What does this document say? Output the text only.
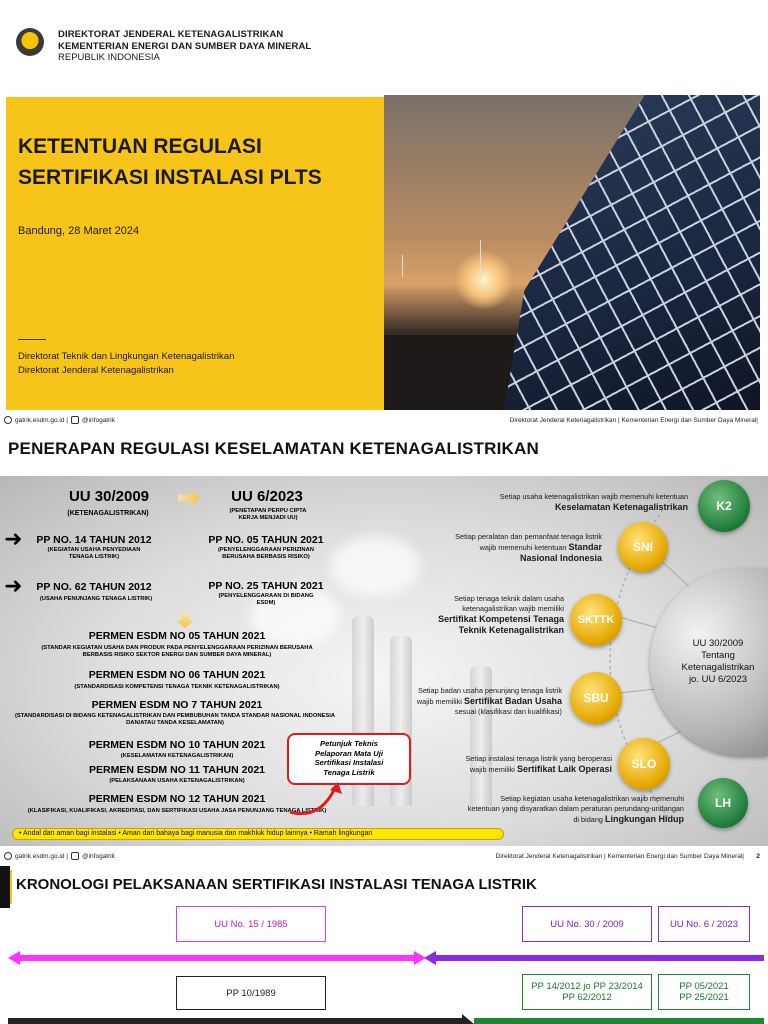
DIREKTORAT JENDERAL KETENAGALISTRIKAN
KEMENTERIAN ENERGI DAN SUMBER DAYA MINERAL
REPUBLIK INDONESIA
KETENTUAN REGULASI
SERTIFIKASI INSTALASI PLTS
Bandung, 28 Maret 2024
Direktorat Teknik dan Lingkungan Ketenagalistrikan
Direktorat Jenderal Ketenagalistrikan
gatrik.esdm.go.id | @infogatrik	Direktorat Jenderal Ketenagalistrikan | Kementerian Energi dan Sumber Daya Mineral|
PENERAPAN REGULASI KESELAMATAN KETENAGALISTRIKAN
UU 30/2009
(KETENAGALISTRIKAN)
UU 6/2023
(PENETAPAN PERPU CIPTA
KERJA MENJADI UU)
➜	PP NO. 14 TAHUN 2012
(KEGIATAN USAHA PENYEDIAAN
TENAGA LISTRIK)
PP NO. 05 TAHUN 2021
(PENYELENGGARAAN PERIZINAN
BERUSAHA BERBASIS RISIKO)
➜	PP NO. 62 TAHUN 2012
(USAHA PENUNJANG TENAGA LISTRIK)
PP NO. 25 TAHUN 2021
(PENYELENGGARAAN DI BIDANG
ESDM)
PERMEN ESDM NO 05 TAHUN 2021
(STANDAR KEGIATAN USAHA DAN PRODUK PADA PENYELENGGARAAN PERIZINAN BERUSAHA
BERBASIS RISIKO SEKTOR ENERGI DAN SUMBER DAYA MINERAL)
PERMEN ESDM NO 06 TAHUN 2021
(STANDARDISASI KOMPETENSI TENAGA TEKNIK KETENAGALISTRIKAN)
PERMEN ESDM NO 7 TAHUN 2021
(STANDARDISASI DI BIDANG KETENAGALISTRIKAN DAN PEMBUBUHAN TANDA STANDAR NASIONAL INDONESIA
DAN/ATAU TANDA KESELAMATAN)
PERMEN ESDM NO 10 TAHUN 2021
(KESELAMATAN KETENAGALISTRIKAN)
PERMEN ESDM NO 11 TAHUN 2021
(PELAKSANAAN USAHA KETENAGALISTRIKAN)
PERMEN ESDM NO 12 TAHUN 2021
(KLASIFIKASI, KUALIFIKASI, AKREDITASI, DAN SERTIFIKASI USAHA JASA PENUNJANG TENAGA LISTRIK)
Petunjuk Teknis
Pelaporan Mata Uji
Sertifikasi Instalasi
Tenaga Listrik
• Andal dan aman bagi instalasi • Aman dari bahaya bagi manusia dan makhluk hidup lainnya • Ramah lingkungan
UU 30/2009
Tentang
Ketenagalistrikan
jo. UU 6/2023
K2
Setiap usaha ketenagalistrikan wajib memenuhi ketentuan
Keselamatan Ketenagalistrikan
SNI
Setiap peralatan dan pemanfaat tenaga listrik
wajib memenuhi ketentuan Standar
Nasional Indonesia
SKTTK
Setiap tenaga teknik dalam usaha
ketenagalistrikan wajib memiliki
Sertifikat Kompetensi Tenaga
Teknik Ketenagalistrikan
SBU
Setiap badan usaha penunjang tenaga listrik
wajib memiliki Sertifikat Badan Usaha
sesuai (klasifikasi dan kualifikasi)
SLO
Setiap instalasi tenaga listrik yang beroperasi
wajib memiliki Sertifikat Laik Operasi
LH
Setiap kegiatan usaha ketenagalistrikan wajib memenuhi
ketentuan yang disyaratkan dalam peraturan perundang-undangan
di bidang Lingkungan Hidup
gatrik.esdm.go.id | @infogatrik	Direktorat Jenderal Ketenagalistrikan | Kementerian Energi dan Sumber Daya Mineral| 2
KRONOLOGI PELAKSANAAN SERTIFIKASI INSTALASI TENAGA LISTRIK
UU No. 15 / 1985	UU No. 30 / 2009	UU No. 6 / 2023
PP 10/1989
PP 14/2012 jo PP 23/2014
PP 62/2012
PP 05/2021
PP 25/2021
